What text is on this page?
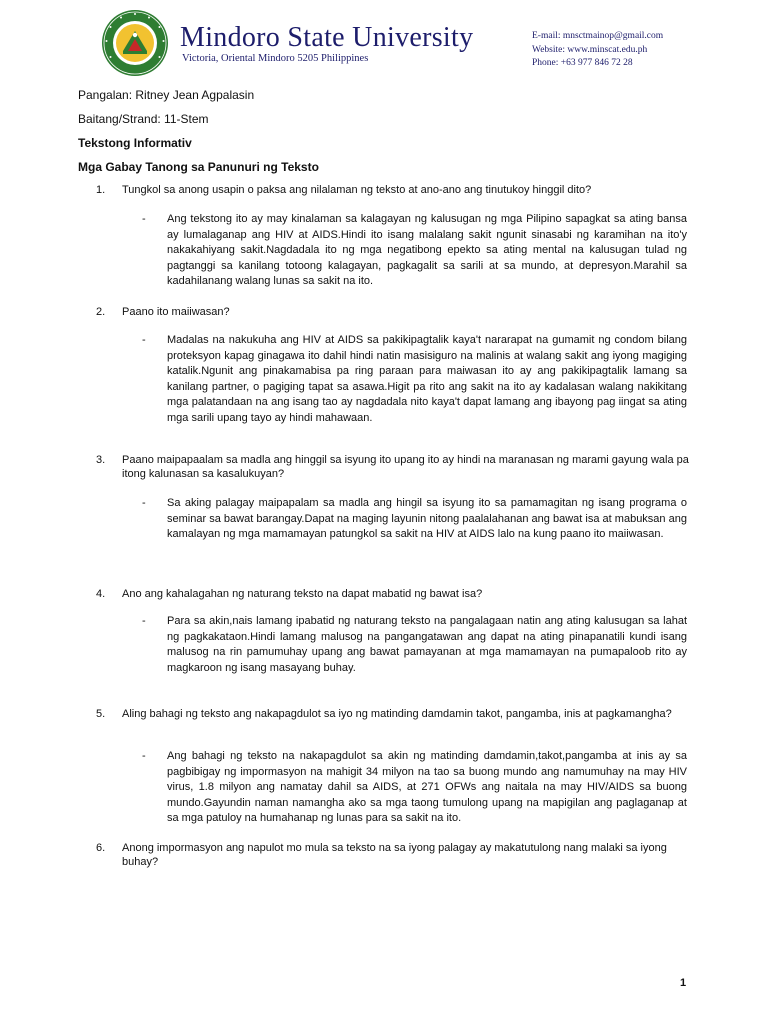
Mindoro State University
Victoria, Oriental Mindoro 5205 Philippines
E-mail: mnsctmainop@gmail.com
Website: www.minscat.edu.ph
Phone: +63 977 846 72 28
Pangalan: Ritney Jean Agpalasin
Baitang/Strand: 11-Stem
Tekstong Informativ
Mga Gabay Tanong sa Panunuri ng Teksto
1. Tungkol sa anong usapin o paksa ang nilalaman ng teksto at ano-ano ang tinutukoy hinggil dito?
- Ang tekstong ito ay may kinalaman sa kalagayan ng kalusugan ng mga Pilipino sapagkat sa ating bansa ay lumalaganap ang HIV at AIDS.Hindi ito isang malalang sakit ngunit sinasabi ng karamihan na ito'y nakakahiyang sakit.Nagdadala ito ng mga negatibong epekto sa ating mental na kalusugan tulad ng pagtanggi sa kanilang totoong kalagayan, pagkagalit sa sarili at sa mundo, at depresyon.Marahil sa kadahilanang walang lunas sa sakit na ito.
2. Paano ito maiiwasan?
- Madalas na nakukuha ang HIV at AIDS sa pakikipagtalik kaya't nararapat na gumamit ng condom bilang proteksyon kapag ginagawa ito dahil hindi natin masisiguro na malinis at walang sakit ang iyong magiging katalik.Ngunit ang pinakamabisa pa ring paraan para maiwasan ito ay ang pakikipagtalik lamang sa kanilang partner, o pagiging tapat sa asawa.Higit pa rito ang sakit na ito ay kadalasan walang nakikitang mga palatandaan na ang isang tao ay nagdadala nito kaya't dapat lamang ang ibayong pag iingat sa ating mga sarili upang tayo ay hindi mahawaan.
3. Paano maipapaalam sa madla ang hinggil sa isyung ito upang ito ay hindi na maranasan ng marami gayung wala pa itong kalunasan sa kasalukuyan?
- Sa aking palagay maipapalam sa madla ang hingil sa isyung ito sa pamamagitan ng isang programa o seminar sa bawat barangay.Dapat na maging layunin nitong paalalahanan ang bawat isa at mabuksan ang kamalayan ng mga mamamayan patungkol sa sakit na HIV at AIDS lalo na kung paano ito maiiwasan.
4. Ano ang kahalagahan ng naturang teksto na dapat mabatid ng bawat isa?
- Para sa akin,nais lamang ipabatid ng naturang teksto na pangalagaan natin ang ating kalusugan sa lahat ng pagkakataon.Hindi lamang malusog na pangangatawan ang dapat na ating pinapanatili kundi isang malusog na rin pamumuhay upang ang bawat pamayanan at mga mamamayan na pumapaloob rito ay magkaroon ng isang masayang buhay.
5. Aling bahagi ng teksto ang nakapagdulot sa iyo ng matinding damdamin takot, pangamba, inis at pagkamangha?
- Ang bahagi ng teksto na nakapagdulot sa akin ng matinding damdamin,takot,pangamba at inis ay sa pagbibigay ng impormasyon na mahigit 34 milyon na tao sa buong mundo ang namumuhay na may HIV virus, 1.8 milyon ang namatay dahil sa AIDS, at 271 OFWs ang naitala na may HIV/AIDS sa buong mundo.Gayundin naman namangha ako sa mga taong tumulong upang na mapigilan ang paglaganap at sa mga patuloy na humahanap ng lunas para sa sakit na ito.
6. Anong impormasyon ang napulot mo mula sa teksto na sa iyong palagay ay makatutulong nang malaki sa iyong buhay?
1
